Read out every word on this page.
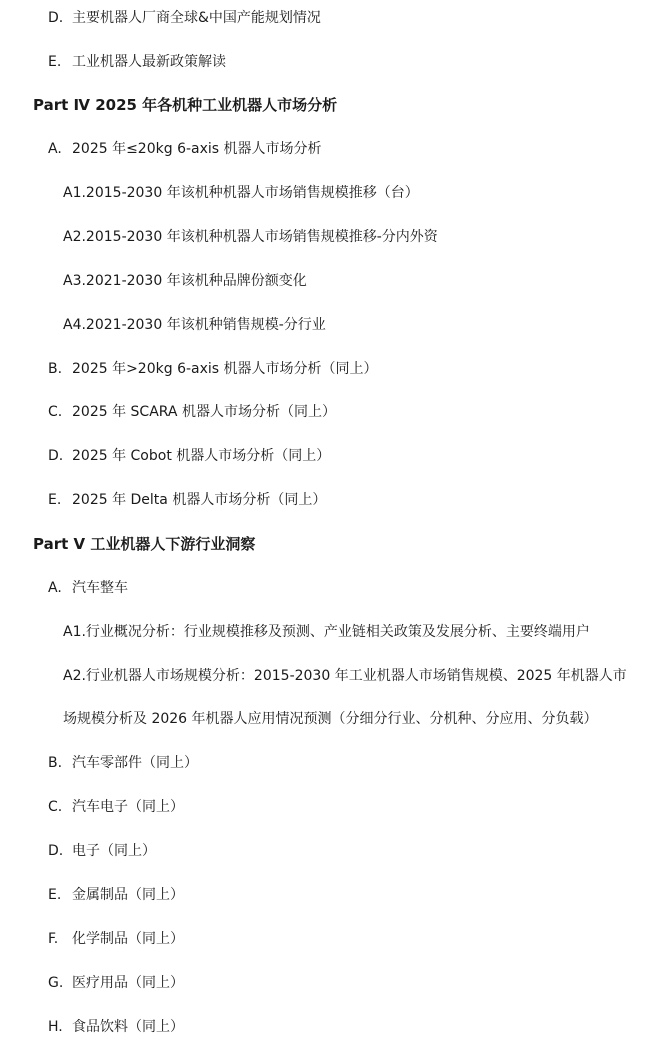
D. 主要机器人厂商全球&中国产能规划情况
E. 工业机器人最新政策解读
Part Ⅳ 2025 年各机种工业机器人市场分析
A. 2025 年≤20kg 6-axis 机器人市场分析
A1.2015-2030 年该机种机器人市场销售规模推移（台）
A2.2015-2030 年该机种机器人市场销售规模推移-分内外资
A3.2021-2030 年该机种品牌份额变化
A4.2021-2030 年该机种销售规模-分行业
B. 2025 年>20kg 6-axis 机器人市场分析（同上）
C. 2025 年 SCARA 机器人市场分析（同上）
D. 2025 年 Cobot 机器人市场分析（同上）
E. 2025 年 Delta 机器人市场分析（同上）
Part Ⅴ 工业机器人下游行业洞察
A. 汽车整车
A1.行业概况分析：行业规模推移及预测、产业链相关政策及发展分析、主要终端用户
A2.行业机器人市场规模分析：2015-2030 年工业机器人市场销售规模、2025 年机器人市
场规模分析及 2026 年机器人应用情况预测（分细分行业、分机种、分应用、分负载）
B. 汽车零部件（同上）
C. 汽车电子（同上）
D. 电子（同上）
E. 金属制品（同上）
F. 化学制品（同上）
G. 医疗用品（同上）
H. 食品饮料（同上）
